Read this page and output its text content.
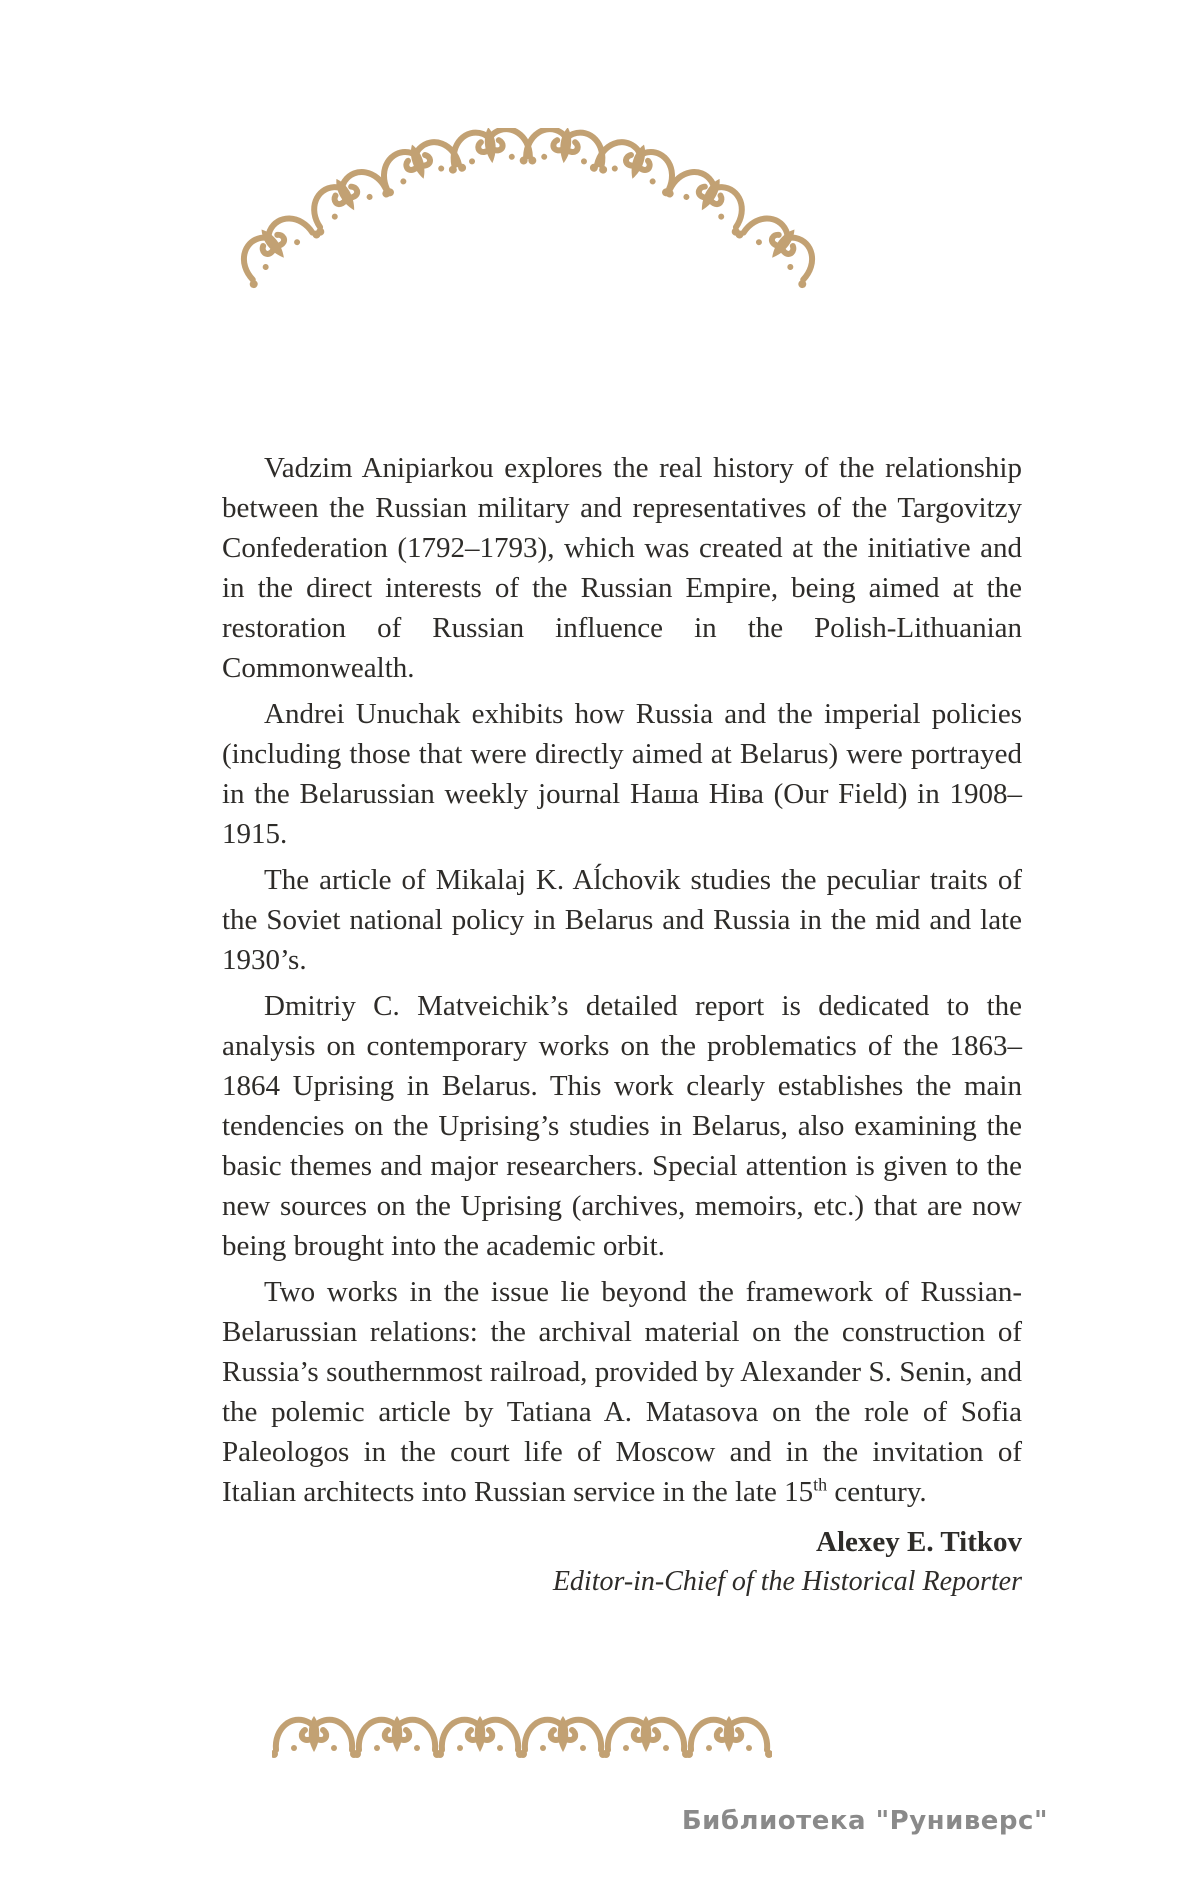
Vadzim Anipiarkou explores the real history of the relationship between the Russian military and representatives of the Targovitzy Confederation (1792–1793), which was created at the initiative and in the direct interests of the Russian Empire, being aimed at the restoration of Russian influence in the Polish-Lithuanian Commonwealth.

Andrei Unuchak exhibits how Russia and the imperial policies (including those that were directly aimed at Belarus) were portrayed in the Belarussian weekly journal Наша Ніва (Our Field) in 1908–1915.

The article of Mikalaj K. Aĺchovik studies the peculiar traits of the Soviet national policy in Belarus and Russia in the mid and late 1930’s.

Dmitriy C. Matveichik’s detailed report is dedicated to the analysis on contemporary works on the problematics of the 1863–1864 Uprising in Belarus. This work clearly establishes the main tendencies on the Uprising’s studies in Belarus, also examining the basic themes and major researchers. Special attention is given to the new sources on the Uprising (archives, memoirs, etc.) that are now being brought into the academic orbit.

Two works in the issue lie beyond the framework of Russian-Belarussian relations: the archival material on the construction of Russia’s southernmost railroad, provided by Alexander S. Senin, and the polemic article by Tatiana A. Matasova on the role of Sofia Paleologos in the court life of Moscow and in the invitation of Italian architects into Russian service in the late 15th century.

Alexey E. Titkov
Editor-in-Chief of the Historical Reporter
Библиотека "Руниверс"
